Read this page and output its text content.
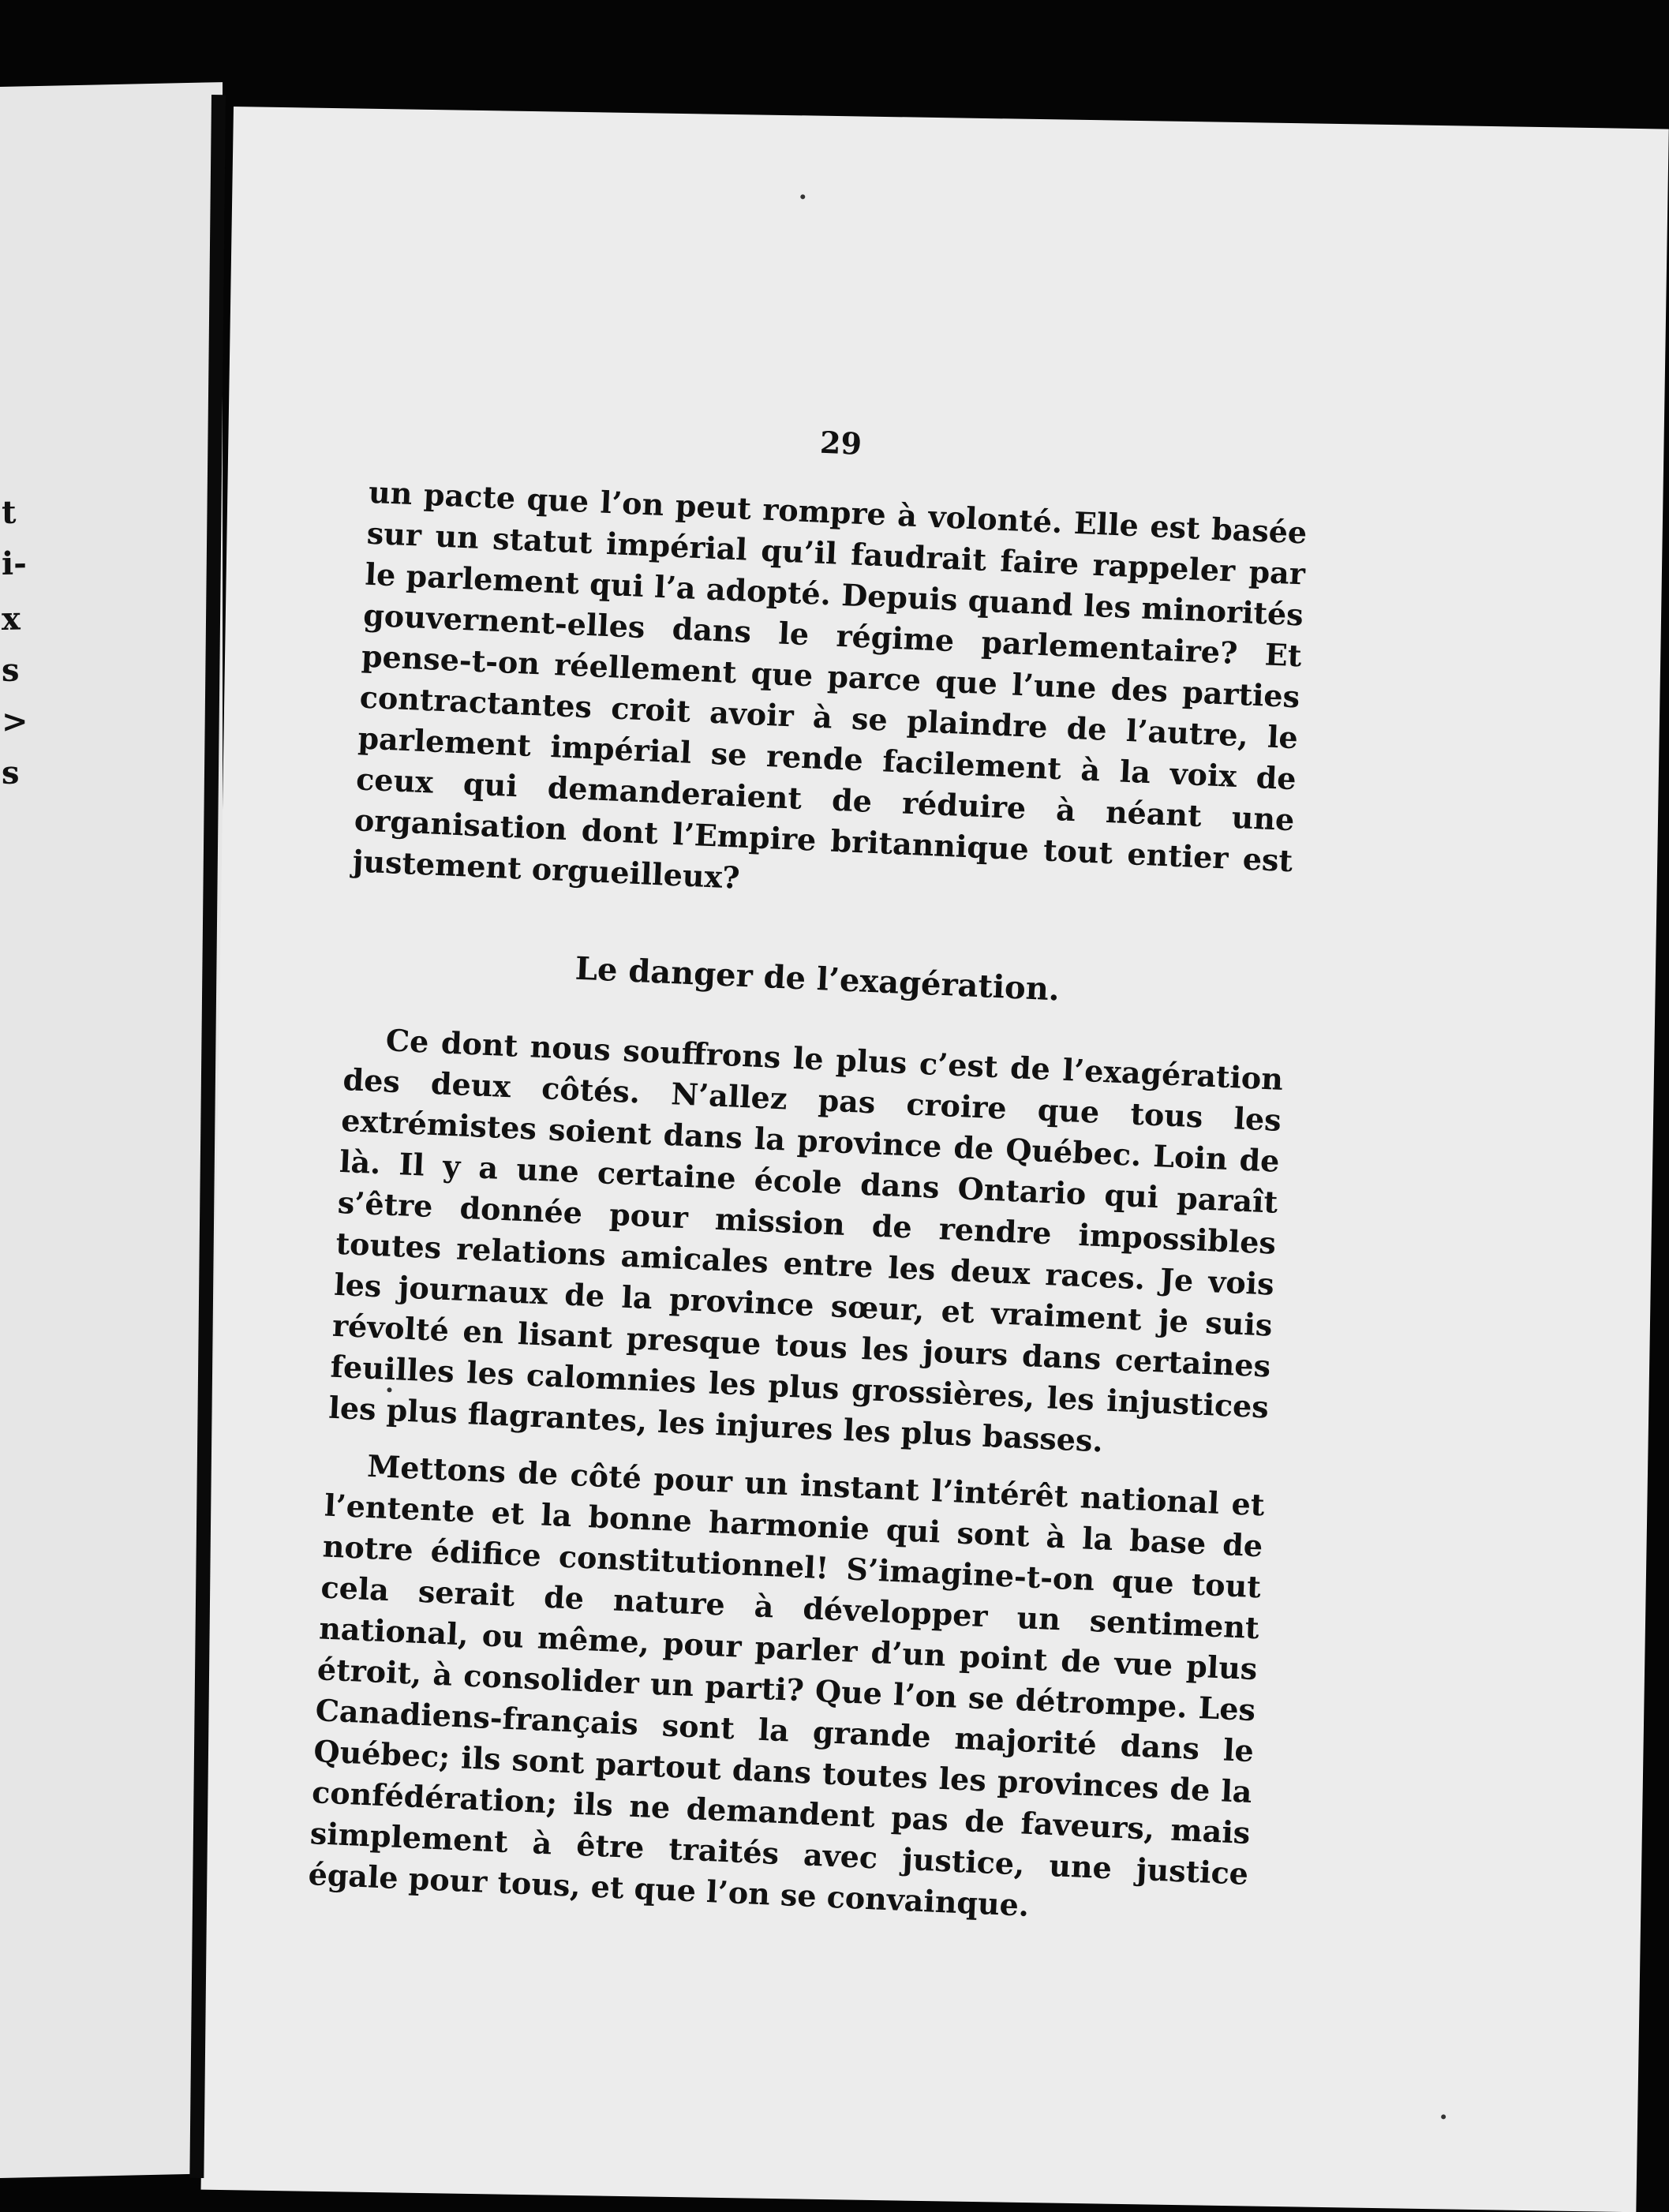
t
i-
x
s
>
s
29

un pacte que l’on peut rompre à volonté. Elle est basée sur un statut impérial qu’il faudrait faire rappeler par le parlement qui l’a adopté. Depuis quand les minorités gouvernent-elles dans le régime parlementaire? Et pense-t-on réellement que parce que l’une des parties contractantes croit avoir à se plaindre de l’autre, le parlement impérial se rende facilement à la voix de ceux qui demanderaient de réduire à néant une organisation dont l’Empire britannique tout entier est justement orgueilleux?

Le danger de l’exagération.

Ce dont nous souffrons le plus c’est de l’exagération des deux côtés. N’allez pas croire que tous les extrémistes soient dans la province de Québec. Loin de là. Il y a une certaine école dans Ontario qui paraît s’être donnée pour mission de rendre impossibles toutes relations amicales entre les deux races. Je vois les journaux de la province sœur, et vraiment je suis révolté en lisant presque tous les jours dans certaines feuilles les calomnies les plus grossières, les injustices les plus flagrantes, les injures les plus basses.

Mettons de côté pour un instant l’intérêt national et l’entente et la bonne harmonie qui sont à la base de notre édifice constitutionnel! S’imagine-t-on que tout cela serait de nature à développer un sentiment national, ou même, pour parler d’un point de vue plus étroit, à consolider un parti? Que l’on se détrompe. Les Canadiens-français sont la grande majorité dans le Québec; ils sont partout dans toutes les provinces de la confédération; ils ne demandent pas de faveurs, mais simplement à être traités avec justice, une justice égale pour tous, et que l’on se convainque.
